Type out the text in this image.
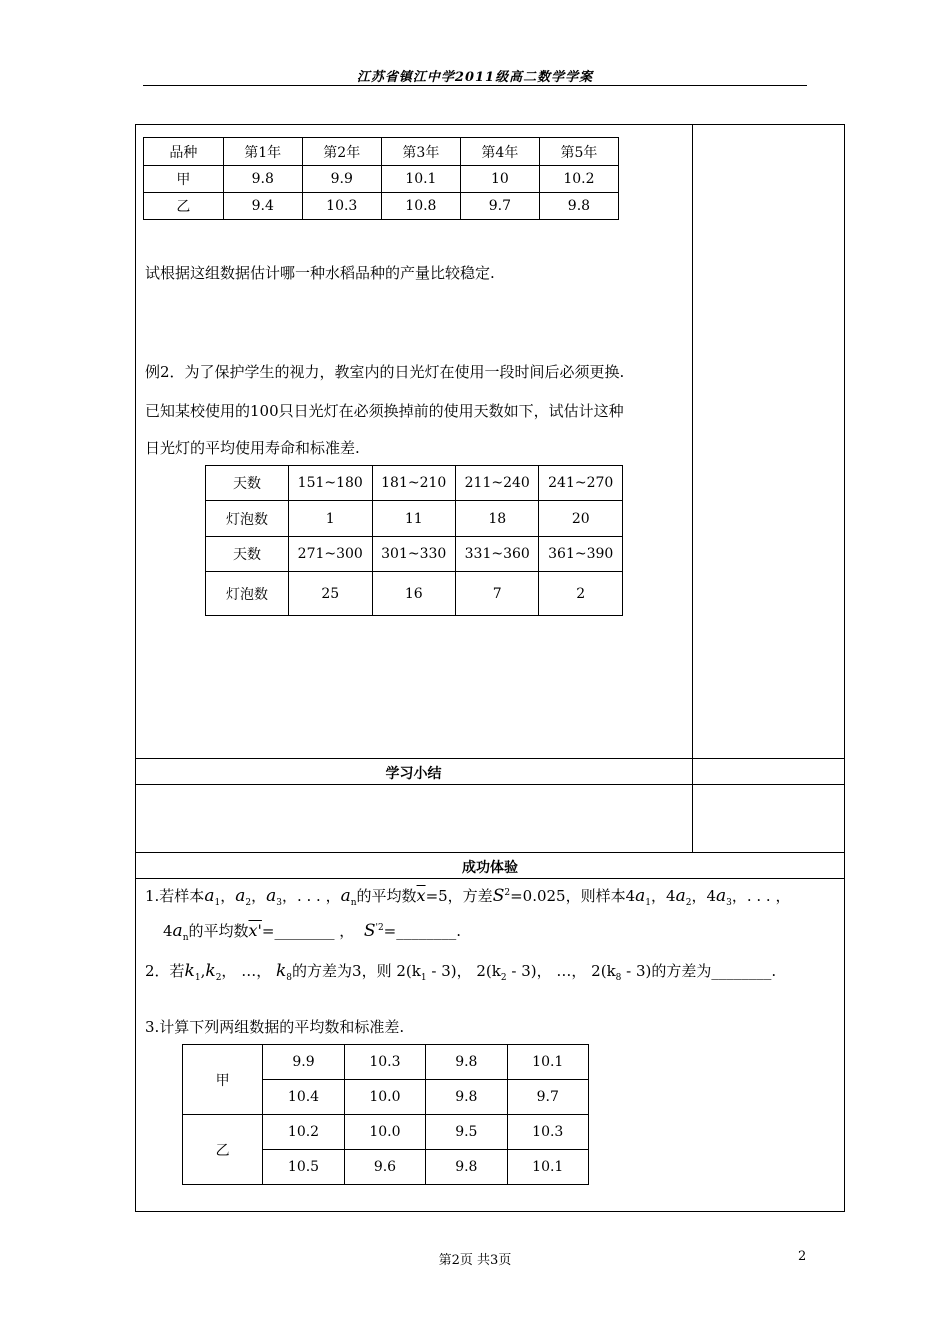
江苏省镇江中学2011级高二数学学案
品种	第1年	第2年	第3年	第4年	第5年
甲	9.8	9.9	10.1	10	10.2
乙	9.4	10.3	10.8	9.7	9.8
试根据这组数据估计哪一种水稻品种的产量比较稳定.
例2．为了保护学生的视力，教室内的日光灯在使用一段时间后必须更换.
已知某校使用的100只日光灯在必须换掉前的使用天数如下，试估计这种
日光灯的平均使用寿命和标准差.
天数	151~180	181~210	211~240	241~270
灯泡数	1	11	18	20
天数	271~300	301~330	331~360	361~390
灯泡数	25	16	7	2
学习小结
成功体验
1.若样本$a_1$，$a_2$，$a_3$，. . . ，$a_n$的平均数$\overline{x}=5$，方差$S^2=0.025$，则样本$4a_1$，$4a_2$，$4a_3$，. . . ，
$4a_n$的平均数x'=________ ， $S^{'2}=\_\_\_\_\_\_\_\_$.
2．若$k_1,k_2$， …， $k_8$的方差为3，则 $2(k_1 - 3)$， $2(k_2 - 3)$， …， $2(k_8 - 3)$的方差为________.
3.计算下列两组数据的平均数和标准差.
甲	9.9	10.3	9.8	10.1
	10.4	10.0	9.8	9.7
乙	10.2	10.0	9.5	10.3
	10.5	9.6	9.8	10.1
第2页 共3页	2
